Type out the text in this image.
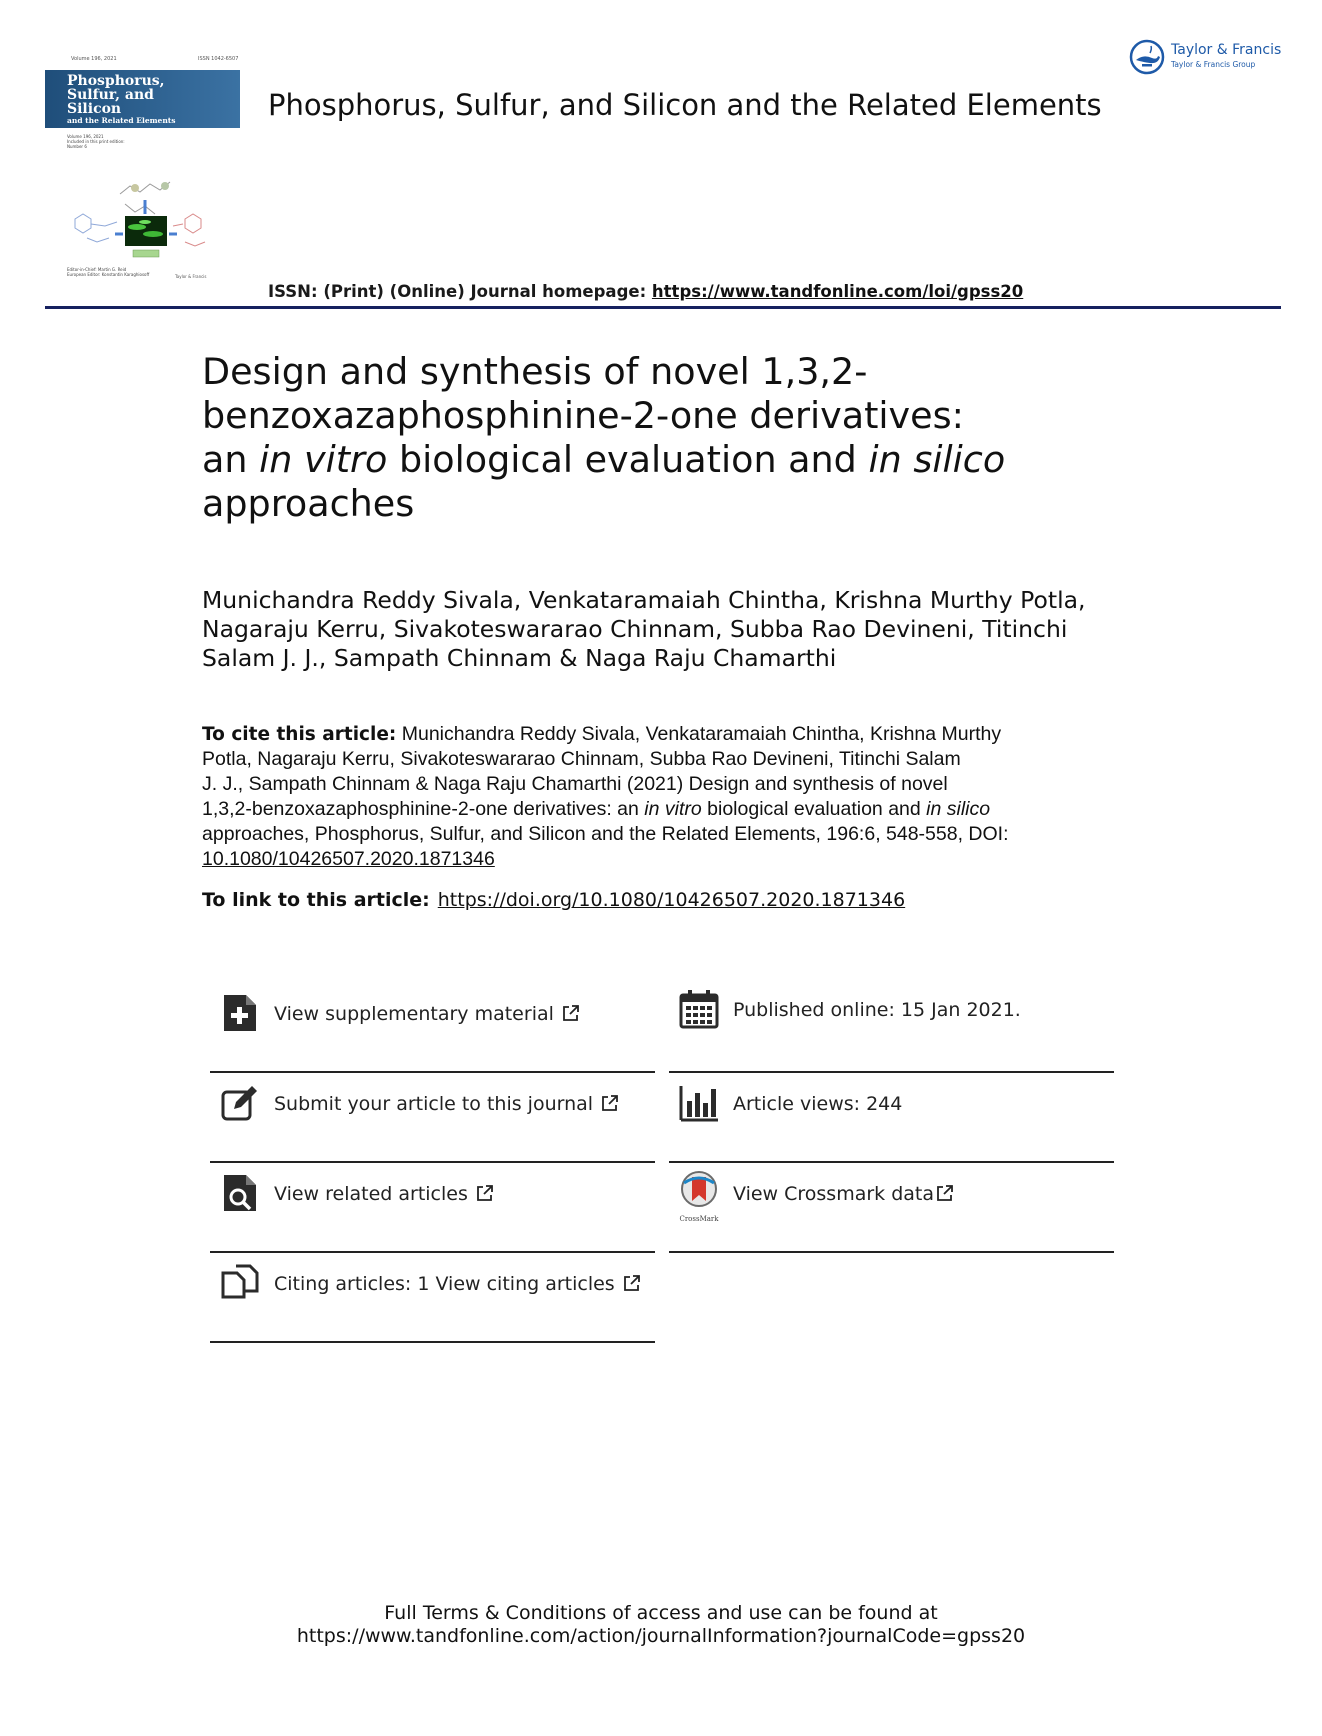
Volume 196, 2021	ISSN 1042-6507
Phosphorus,
Sulfur, and
Silicon
and the Related Elements
Volume 196, 2021
Included in this print edition:
Number 6
Editor-in-Chief: Martin G. Reid
European Editor: Konstantin Karaghiosoff	Taylor & Francis
Phosphorus, Sulfur, and Silicon and the Related Elements
Taylor & Francis
Taylor & Francis Group
ISSN: (Print) (Online) Journal homepage: https://www.tandfonline.com/loi/gpss20
Design and synthesis of novel 1,3,2-
benzoxazaphosphinine-2-one derivatives:
an in vitro biological evaluation and in silico
approaches
Munichandra Reddy Sivala, Venkataramaiah Chintha, Krishna Murthy Potla,
Nagaraju Kerru, Sivakoteswararao Chinnam, Subba Rao Devineni, Titinchi
Salam J. J., Sampath Chinnam & Naga Raju Chamarthi
To cite this article: Munichandra Reddy Sivala, Venkataramaiah Chintha, Krishna Murthy
Potla, Nagaraju Kerru, Sivakoteswararao Chinnam, Subba Rao Devineni, Titinchi Salam
J. J., Sampath Chinnam & Naga Raju Chamarthi (2021) Design and synthesis of novel
1,3,2-benzoxazaphosphinine-2-one derivatives: an in vitro biological evaluation and in silico
approaches, Phosphorus, Sulfur, and Silicon and the Related Elements, 196:6, 548-558, DOI:
10.1080/10426507.2020.1871346
To link to this article: https://doi.org/10.1080/10426507.2020.1871346
View supplementary material
Submit your article to this journal
View related articles
Citing articles: 1 View citing articles
Published online: 15 Jan 2021.
Article views: 244
CrossMark
View Crossmark data
Full Terms & Conditions of access and use can be found at
https://www.tandfonline.com/action/journalInformation?journalCode=gpss20
